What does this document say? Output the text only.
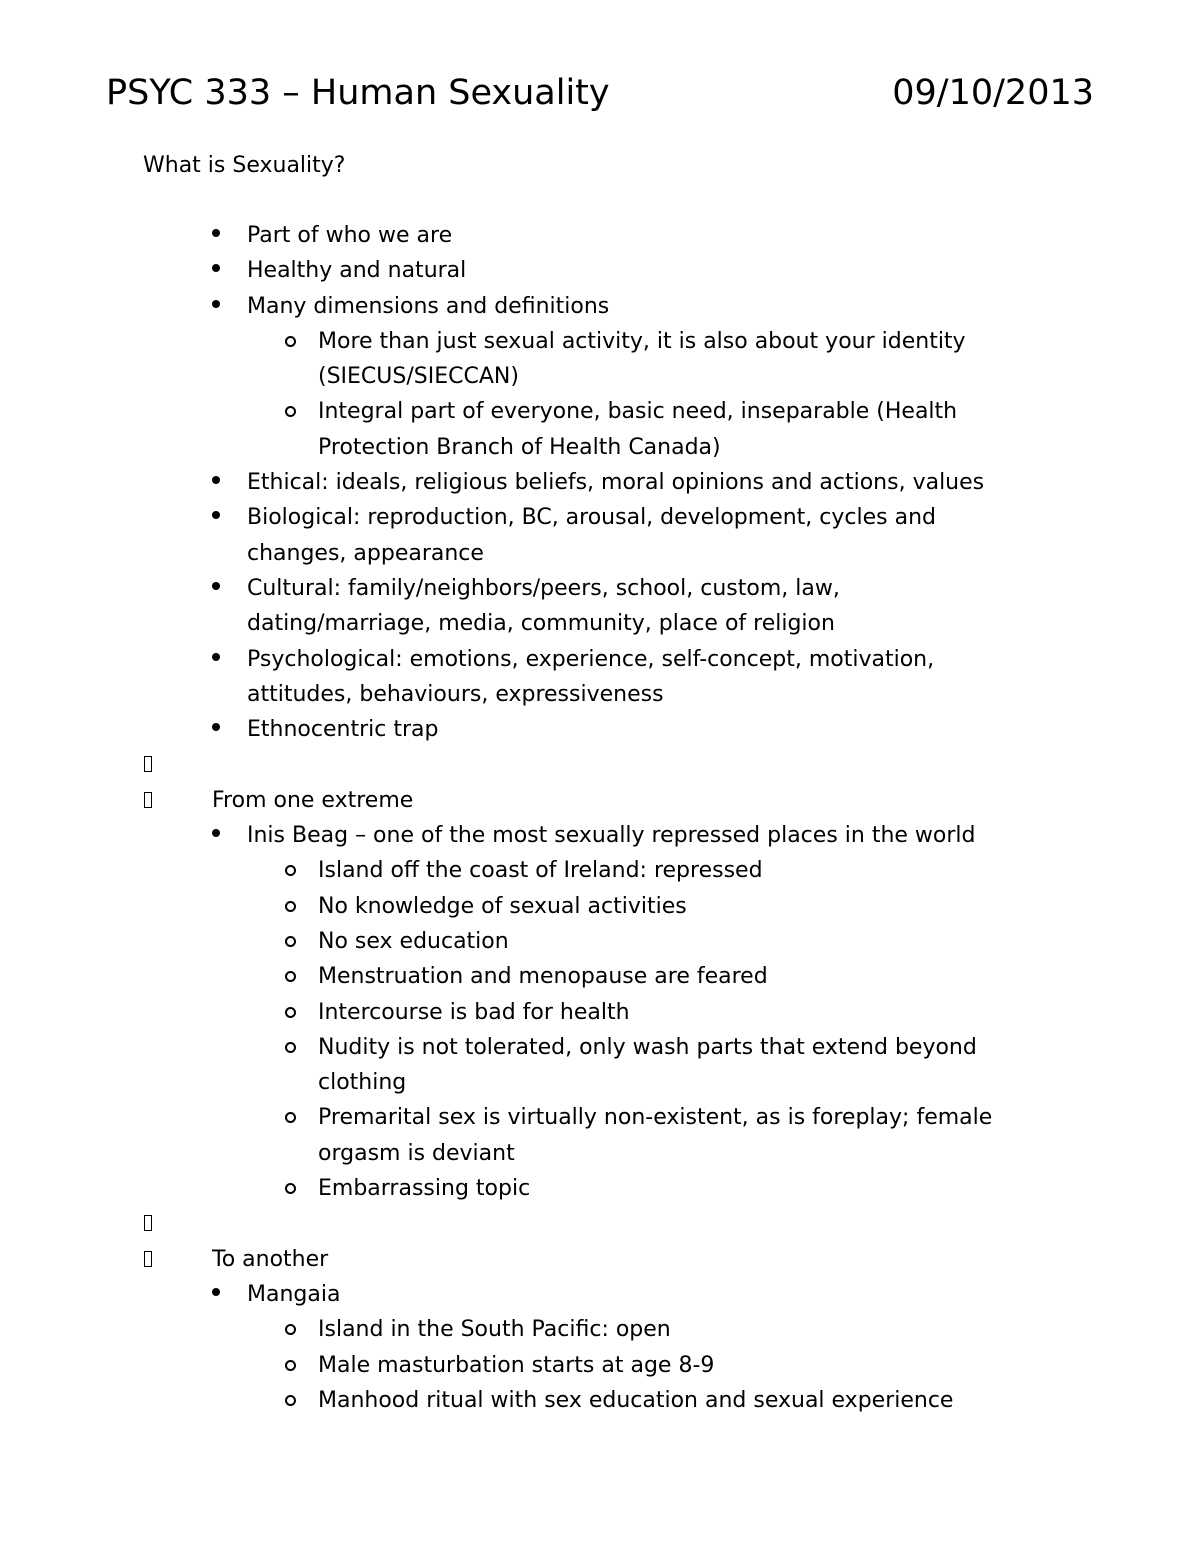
PSYC 333 – Human Sexuality	09/10/2013
What is Sexuality?
Part of who we are
Healthy and natural
Many dimensions and definitions
More than just sexual activity, it is also about your identity
(SIECUS/SIECCAN)
Integral part of everyone, basic need, inseparable (Health
Protection Branch of Health Canada)
Ethical: ideals, religious beliefs, moral opinions and actions, values
Biological: reproduction, BC, arousal, development, cycles and
changes, appearance
Cultural: family/neighbors/peers, school, custom, law,
dating/marriage, media, community, place of religion
Psychological: emotions, experience, self-concept, motivation,
attitudes, behaviours, expressiveness
Ethnocentric trap
From one extreme
Inis Beag – one of the most sexually repressed places in the world
Island off the coast of Ireland: repressed
No knowledge of sexual activities
No sex education
Menstruation and menopause are feared
Intercourse is bad for health
Nudity is not tolerated, only wash parts that extend beyond
clothing
Premarital sex is virtually non-existent, as is foreplay; female
orgasm is deviant
Embarrassing topic
To another
Mangaia
Island in the South Pacific: open
Male masturbation starts at age 8-9
Manhood ritual with sex education and sexual experience
